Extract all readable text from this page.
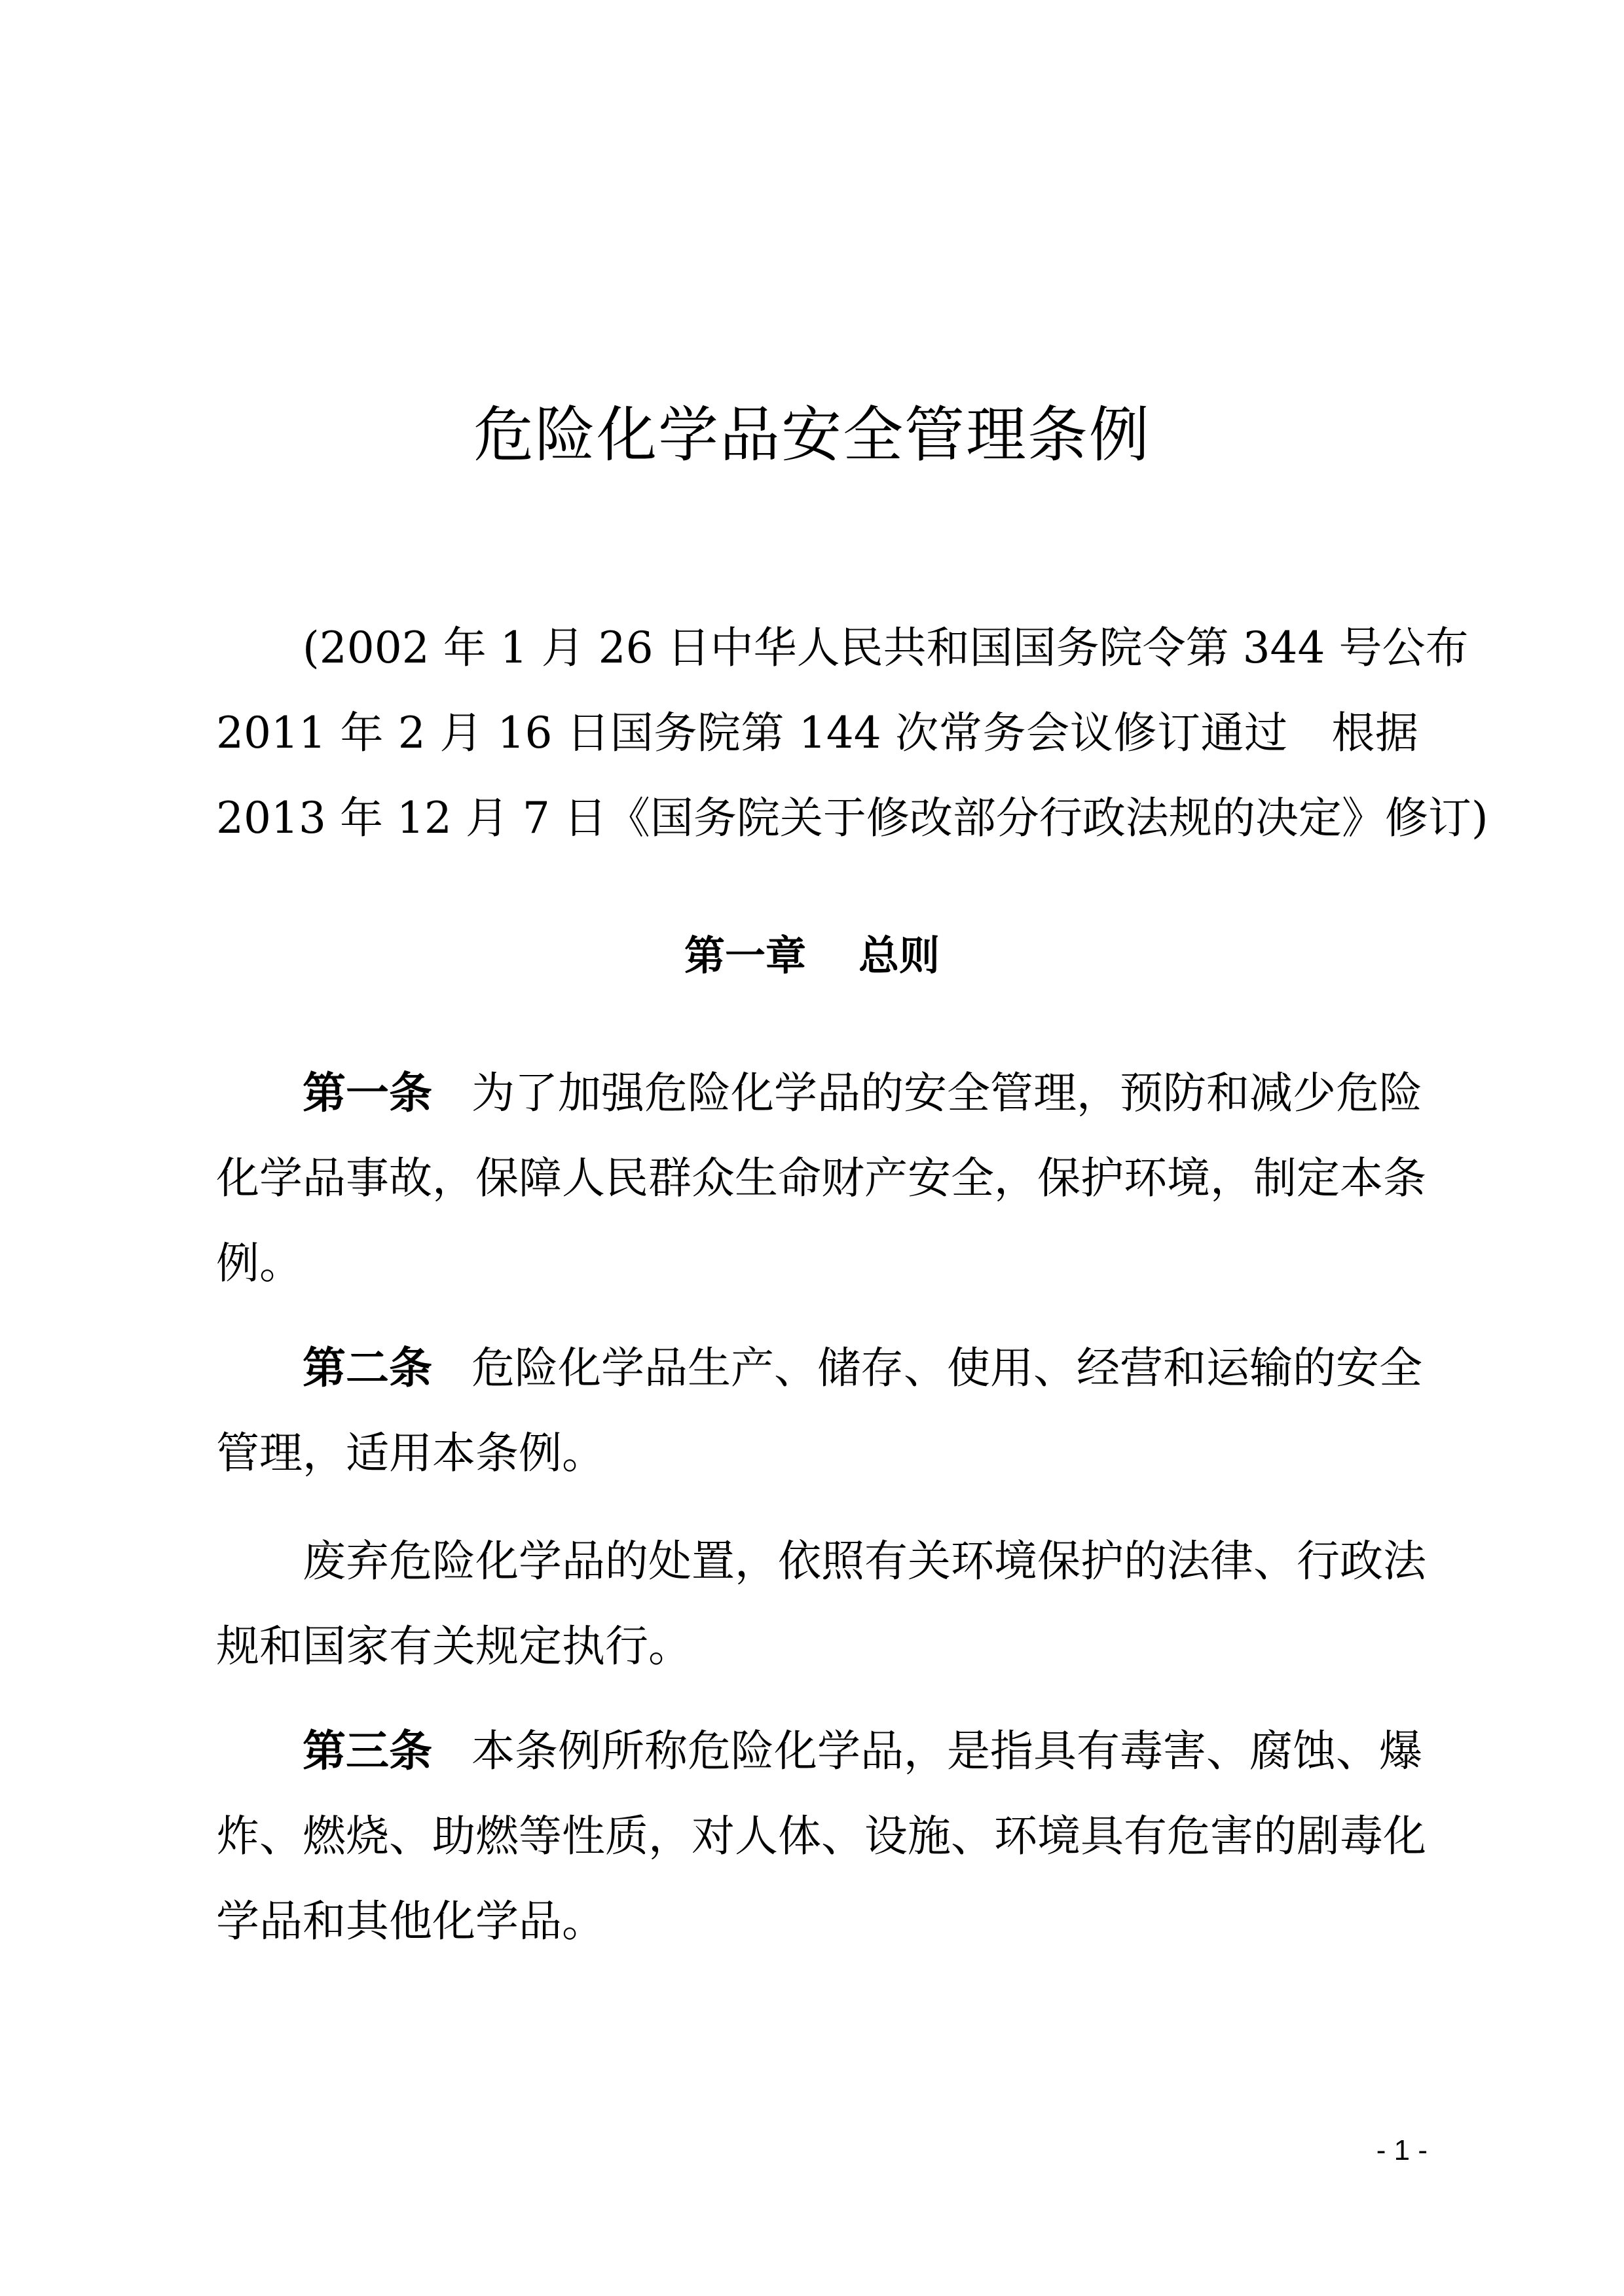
危险化学品安全管理条例
(2002 年 1 月 26 日中华人民共和国国务院令第 344 号公布
2011 年 2 月 16 日国务院第 144 次常务会议修订通过　根据
2013 年 12 月 7 日《国务院关于修改部分行政法规的决定》修订)
第一章 总则
第一条 为了加强危险化学品的安全管理，预防和减少危险
化学品事故，保障人民群众生命财产安全，保护环境，制定本条
例。
第二条 危险化学品生产、储存、使用、经营和运输的安全
管理，适用本条例。
废弃危险化学品的处置，依照有关环境保护的法律、行政法
规和国家有关规定执行。
第三条 本条例所称危险化学品，是指具有毒害、腐蚀、爆
炸、燃烧、助燃等性质，对人体、设施、环境具有危害的剧毒化
学品和其他化学品。
- 1 -
